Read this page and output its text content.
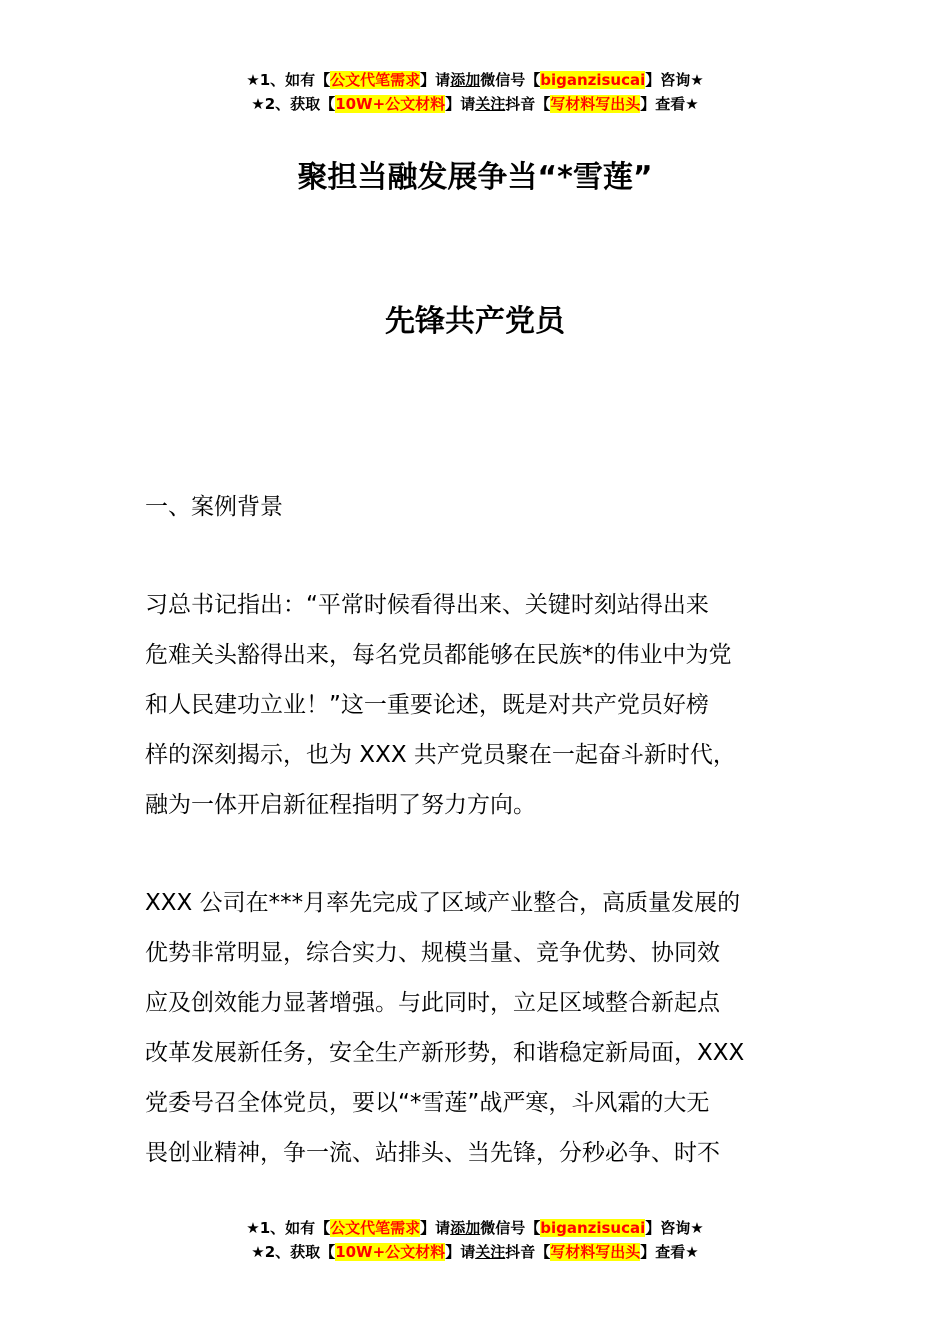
★1、如有【公文代笔需求】请添加微信号【biganzisucai】咨询★
★2、获取【10W+公文材料】请关注抖音【写材料写出头】查看★
聚担当融发展争当“*雪莲”
先锋共产党员
一、案例背景
习总书记指出：“平常时候看得出来、关键时刻站得出来
危难关头豁得出来，每名党员都能够在民族*的伟业中为党
和人民建功立业！”这一重要论述，既是对共产党员好榜
样的深刻揭示，也为 XXX 共产党员聚在一起奋斗新时代，
融为一体开启新征程指明了努力方向。
XXX 公司在***月率先完成了区域产业整合，高质量发展的
优势非常明显，综合实力、规模当量、竞争优势、协同效
应及创效能力显著增强。与此同时，立足区域整合新起点
改革发展新任务，安全生产新形势，和谐稳定新局面，XXX
党委号召全体党员，要以“*雪莲”战严寒，斗风霜的大无
畏创业精神，争一流、站排头、当先锋，分秒必争、时不
★1、如有【公文代笔需求】请添加微信号【biganzisucai】咨询★
★2、获取【10W+公文材料】请关注抖音【写材料写出头】查看★
